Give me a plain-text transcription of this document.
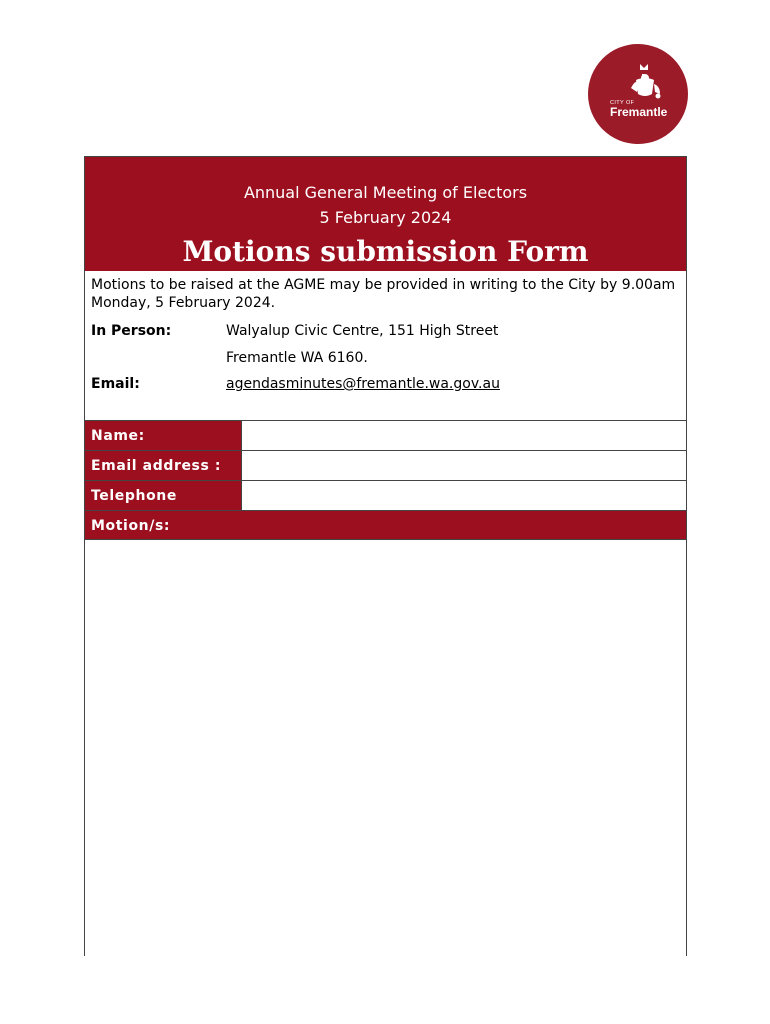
CITY OF
Fremantle
Annual General Meeting of Electors
5 February 2024
Motions submission Form
Motions to be raised at the AGME may be provided in writing to the City by 9.00am Monday, 5 February 2024.
In Person:	Walyalup Civic Centre, 151 High Street
Fremantle WA 6160.
Email:	agendasminutes@fremantle.wa.gov.au
Name:
Email address :
Telephone
Motion/s:
